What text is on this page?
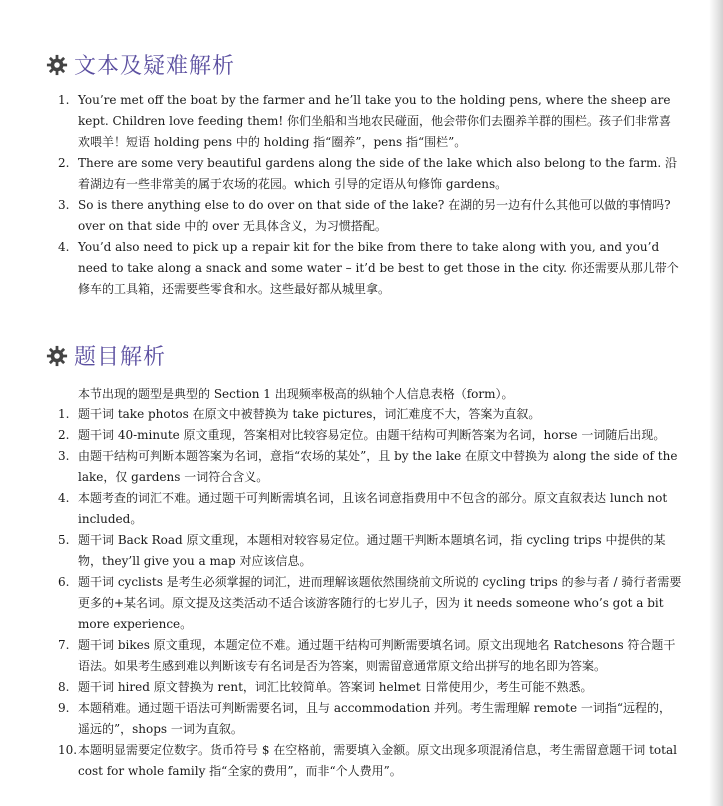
文本及疑难解析
1. You’re met off the boat by the farmer and he’ll take you to the holding pens, where the sheep are kept. Children love feeding them! 你们坐船和当地农民碰面，他会带你们去圈养羊群的围栏。孩子们非常喜欢喂羊！短语 holding pens 中的 holding 指“圈养”，pens 指“围栏”。
2. There are some very beautiful gardens along the side of the lake which also belong to the farm. 沿着湖边有一些非常美的属于农场的花园。which 引导的定语从句修饰 gardens。
3. So is there anything else to do over on that side of the lake? 在湖的另一边有什么其他可以做的事情吗? over on that side 中的 over 无具体含义，为习惯搭配。
4. You’d also need to pick up a repair kit for the bike from there to take along with you, and you’d need to take along a snack and some water – it’d be best to get those in the city. 你还需要从那儿带个修车的工具箱，还需要些零食和水。这些最好都从城里拿。
题目解析
本节出现的题型是典型的 Section 1 出现频率极高的纵轴个人信息表格（form）。
1. 题干词 take photos 在原文中被替换为 take pictures，词汇难度不大，答案为直叙。
2. 题干词 40-minute 原文重现，答案相对比较容易定位。由题干结构可判断答案为名词，horse 一词随后出现。
3. 由题干结构可判断本题答案为名词，意指“农场的某处”，且 by the lake 在原文中替换为 along the side of the lake，仅 gardens 一词符合含义。
4. 本题考查的词汇不难。通过题干可判断需填名词，且该名词意指费用中不包含的部分。原文直叙表达 lunch not included。
5. 题干词 Back Road 原文重现，本题相对较容易定位。通过题干判断本题填名词，指 cycling trips 中提供的某物，they’ll give you a map 对应该信息。
6. 题干词 cyclists 是考生必须掌握的词汇，进而理解该题依然围绕前文所说的 cycling trips 的参与者 / 骑行者需要更多的+某名词。原文提及这类活动不适合该游客随行的七岁儿子，因为 it needs someone who’s got a bit more experience。
7. 题干词 bikes 原文重现，本题定位不难。通过题干结构可判断需要填名词。原文出现地名 Ratchesons 符合题干语法。如果考生感到难以判断该专有名词是否为答案，则需留意通常原文给出拼写的地名即为答案。
8. 题干词 hired 原文替换为 rent，词汇比较简单。答案词 helmet 日常使用少，考生可能不熟悉。
9. 本题稍难。通过题干语法可判断需要名词，且与 accommodation 并列。考生需理解 remote 一词指“远程的，遥远的”，shops 一词为直叙。
10. 本题明显需要定位数字。货币符号 $ 在空格前，需要填入金额。原文出现多项混淆信息，考生需留意题干词 total cost for whole family 指“全家的费用”，而非“个人费用”。
